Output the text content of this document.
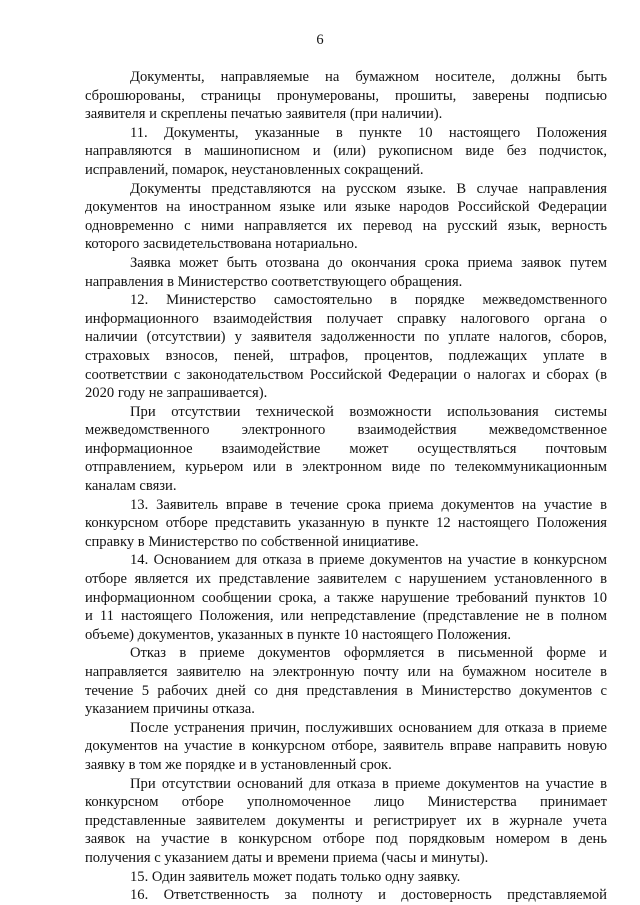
6
Документы, направляемые на бумажном носителе, должны быть
сброшюрованы, страницы пронумерованы, прошиты, заверены подписью
заявителя и скреплены печатью заявителя (при наличии).
11. Документы, указанные в пункте 10 настоящего Положения
направляются в машинописном и (или) рукописном виде без подчисток,
исправлений, помарок, неустановленных сокращений.
Документы представляются на русском языке. В случае направления
документов на иностранном языке или языке народов Российской Федерации
одновременно с ними направляется их перевод на русский язык, верность
которого засвидетельствована нотариально.
Заявка может быть отозвана до окончания срока приема заявок путем
направления в Министерство соответствующего обращения.
12. Министерство самостоятельно в порядке межведомственного
информационного взаимодействия получает справку налогового органа о
наличии (отсутствии) у заявителя задолженности по уплате налогов, сборов,
страховых взносов, пеней, штрафов, процентов, подлежащих уплате в
соответствии с законодательством Российской Федерации о налогах и сборах (в
2020 году не запрашивается).
При отсутствии технической возможности использования системы
межведомственного электронного взаимодействия межведомственное
информационное взаимодействие может осуществляться почтовым
отправлением, курьером или в электронном виде по телекоммуникационным
каналам связи.
13. Заявитель вправе в течение срока приема документов на участие в
конкурсном отборе представить указанную в пункте 12 настоящего Положения
справку в Министерство по собственной инициативе.
14. Основанием для отказа в приеме документов на участие в конкурсном
отборе является их представление заявителем с нарушением установленного в
информационном сообщении срока, а также нарушение требований пунктов 10
и 11 настоящего Положения, или непредставление (представление не в полном
объеме) документов, указанных в пункте 10 настоящего Положения.
Отказ в приеме документов оформляется в письменной форме и
направляется заявителю на электронную почту или на бумажном носителе в
течение 5 рабочих дней со дня представления в Министерство документов с
указанием причины отказа.
После устранения причин, послуживших основанием для отказа в приеме
документов на участие в конкурсном отборе, заявитель вправе направить новую
заявку в том же порядке и в установленный срок.
При отсутствии оснований для отказа в приеме документов на участие в
конкурсном отборе уполномоченное лицо Министерства принимает
представленные заявителем документы и регистрирует их в журнале учета
заявок на участие в конкурсном отборе под порядковым номером в день
получения с указанием даты и времени приема (часы и минуты).
15. Один заявитель может подать только одну заявку.
16. Ответственность за полноту и достоверность представляемой
